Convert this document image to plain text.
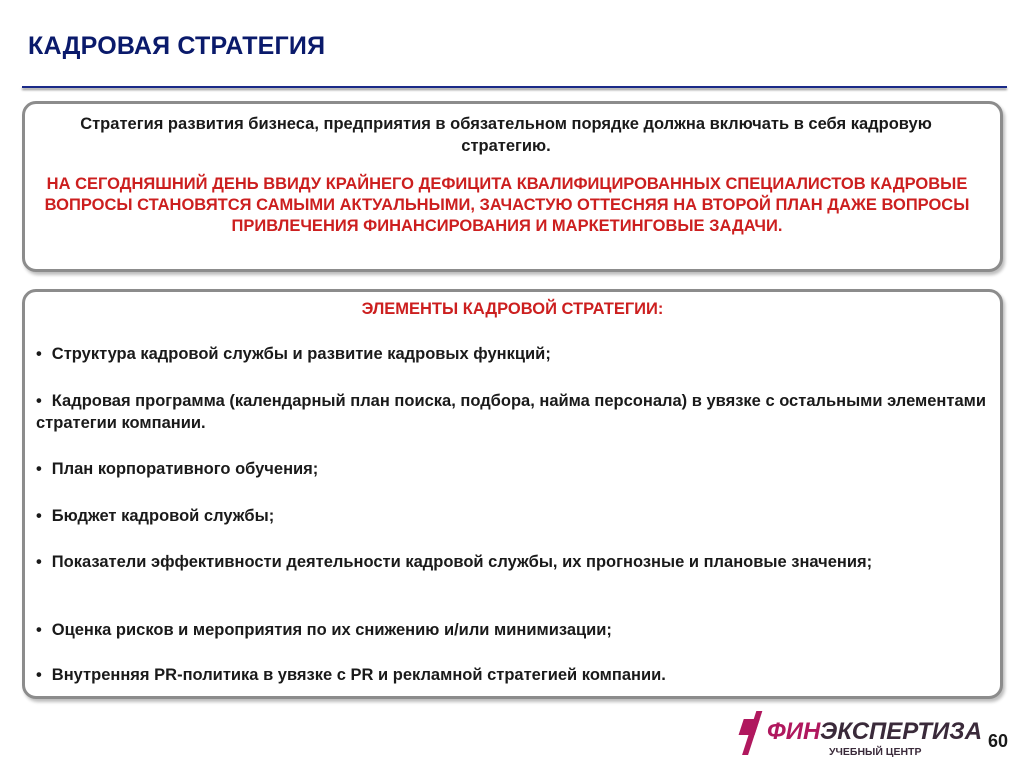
КАДРОВАЯ СТРАТЕГИЯ
Стратегия развития бизнеса, предприятия в обязательном порядке должна включать в себя кадровую стратегию.
НА СЕГОДНЯШНИЙ ДЕНЬ ВВИДУ КРАЙНЕГО ДЕФИЦИТА КВАЛИФИЦИРОВАННЫХ СПЕЦИАЛИСТОВ КАДРОВЫЕ ВОПРОСЫ СТАНОВЯТСЯ САМЫМИ АКТУАЛЬНЫМИ, ЗАЧАСТУЮ ОТТЕСНЯЯ НА ВТОРОЙ ПЛАН ДАЖЕ ВОПРОСЫ ПРИВЛЕЧЕНИЯ ФИНАНСИРОВАНИЯ И МАРКЕТИНГОВЫЕ ЗАДАЧИ.
ЭЛЕМЕНТЫ КАДРОВОЙ СТРАТЕГИИ:
• Структура кадровой службы и развитие кадровых функций;
• Кадровая программа (календарный план поиска, подбора, найма персонала) в увязке с остальными элементами стратегии компании.
• План корпоративного обучения;
• Бюджет кадровой службы;
• Показатели эффективности деятельности кадровой службы, их прогнозные и плановые значения;
• Оценка рисков и мероприятия по их снижению и/или минимизации;
• Внутренняя PR-политика в увязке с PR и рекламной стратегией компании.
ФИН ЭКСПЕРТИЗА
УЧЕБНЫЙ ЦЕНТР
60
